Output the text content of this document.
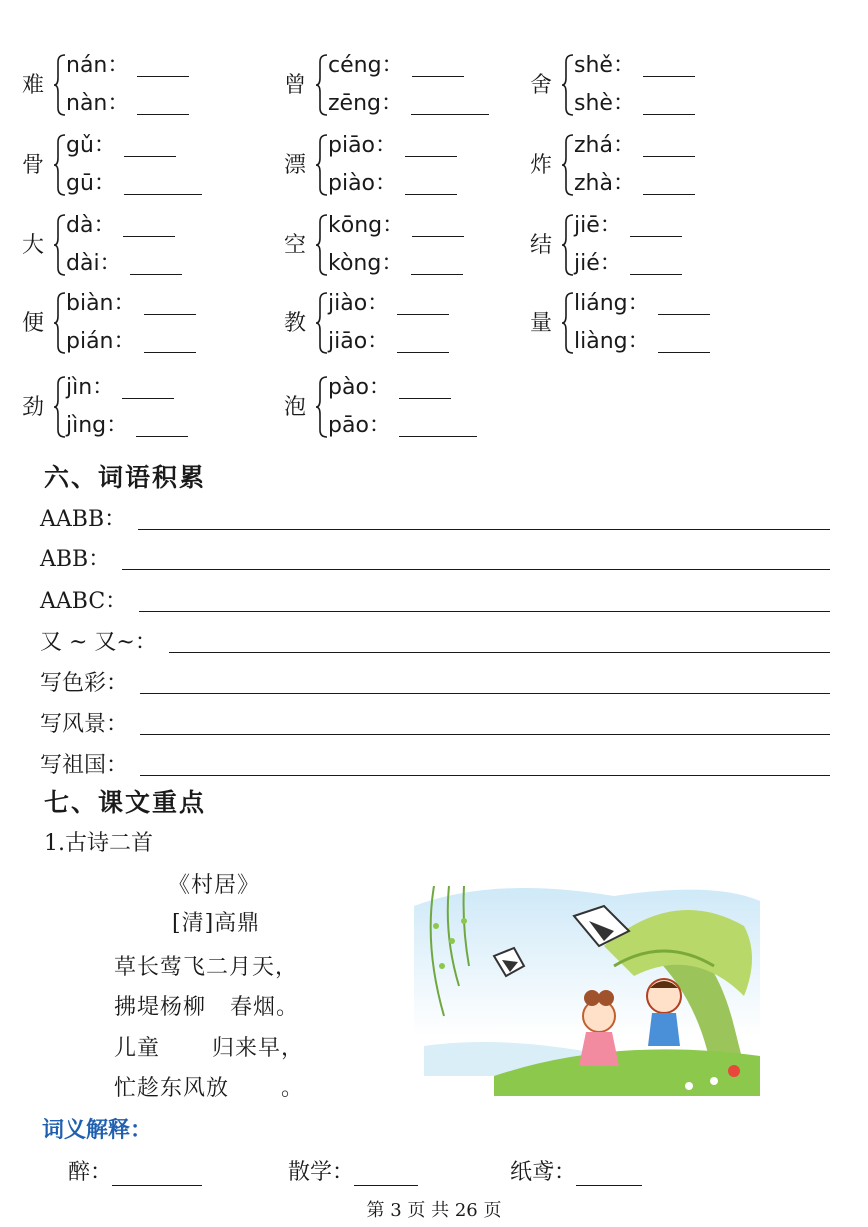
难
nán：
nàn：
曾
céng：
zēng：
舍
shě：
shè：
骨
gǔ：
gū：
漂
piāo：
piào：
炸
zhá：
zhà：
大
dà：
dài：
空
kōng：
kòng：
结
jiē：
jié：
便
biàn：
pián：
教
jiào：
jiāo：
量
liáng：
liàng：
劲
jìn：
jìng：
泡
pào：
pāo：
六、词语积累
AABB：
ABB：
AABC：
又 ~ 又~：
写色彩：
写风景：
写祖国：
七、课文重点
1.古诗二首
《村居》
[清]高鼎
草长莺飞二月天，
拂堤杨柳 春烟。
儿童 归来早，
忙趁东风放 。
词义解释：
醉：	散学：	纸鸢：
第 3 页 共 26 页
